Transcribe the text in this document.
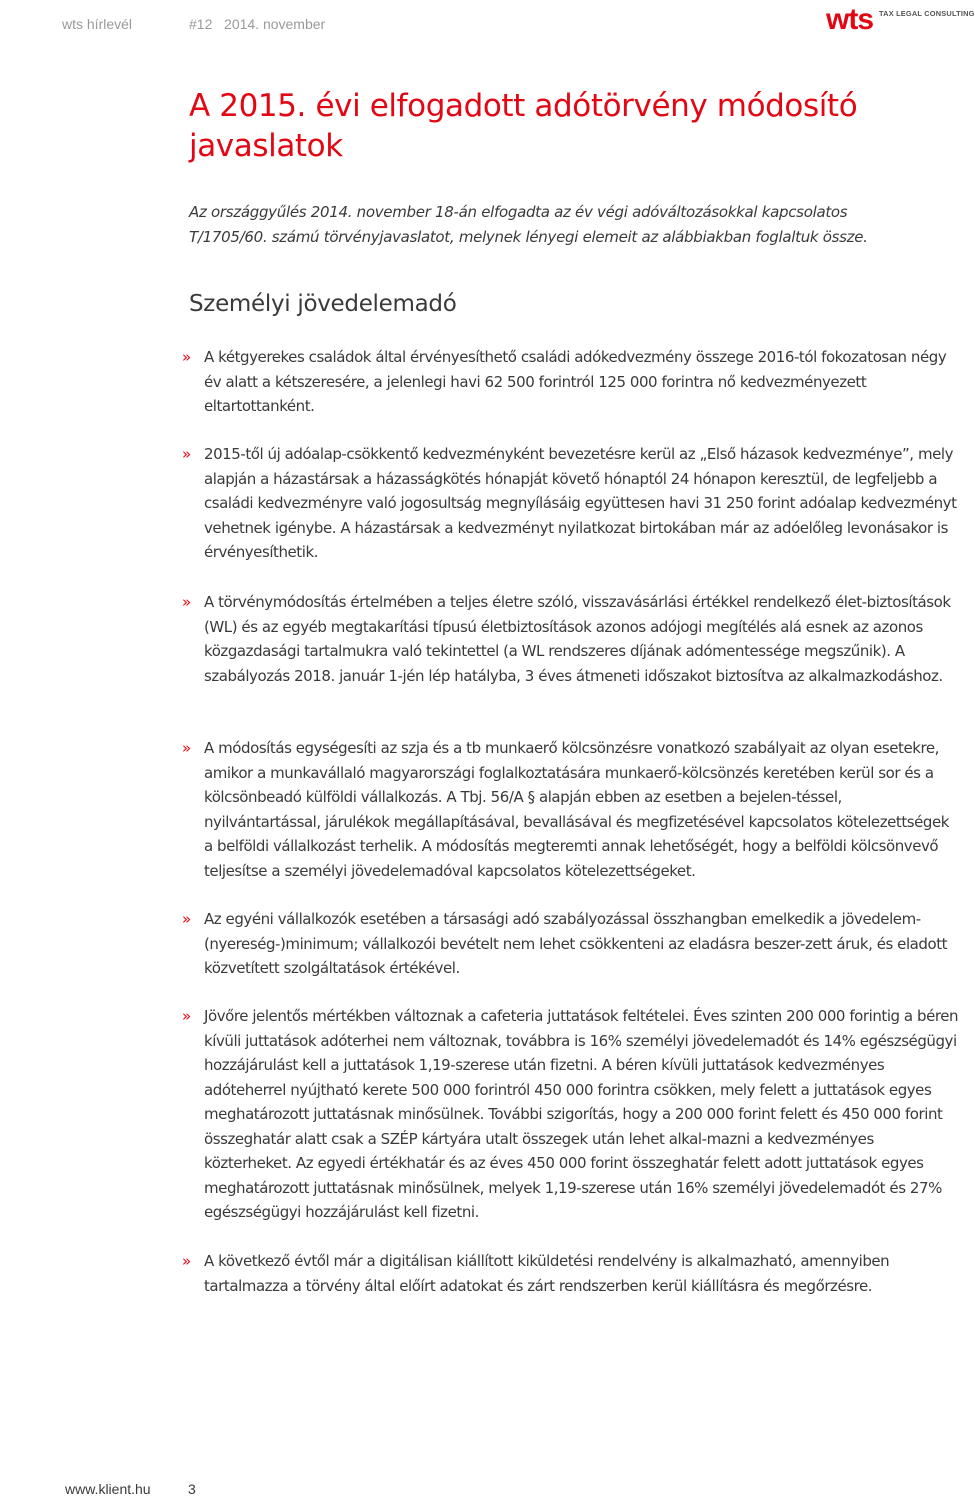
wts hírlevél	#12   2014. november	wts TAX LEGAL CONSULTING
A 2015. évi elfogadott adótörvény módosító javaslatok

Az országgyűlés 2014. november 18-án elfogadta az év végi adóváltozásokkal kapcsolatos T/1705/60. számú törvényjavaslatot, melynek lényegi elemeit az alábbiakban foglaltuk össze.

Személyi jövedelemadó

» A kétgyerekes családok által érvényesíthető családi adókedvezmény összege 2016-tól fokozatosan négy év alatt a kétszeresére, a jelenlegi havi 62 500 forintról 125 000 forintra nő kedvezményezett eltartottanként.

» 2015-től új adóalap-csökkentő kedvezményként bevezetésre kerül az „Első házasok kedvezménye”, mely alapján a házastársak a házasságkötés hónapját követő hónaptól 24 hónapon keresztül, de legfeljebb a családi kedvezményre való jogosultság megnyílásáig együttesen havi 31 250 forint adóalap kedvezményt vehetnek igénybe. A házastársak a kedvezményt nyilatkozat birtokában már az adóelőleg levonásakor is érvényesíthetik.

» A törvénymódosítás értelmében a teljes életre szóló, visszavásárlási értékkel rendelkező élet-biztosítások (WL) és az egyéb megtakarítási típusú életbiztosítások azonos adójogi megítélés alá esnek az azonos közgazdasági tartalmukra való tekintettel (a WL rendszeres díjának adómentessége megszűnik). A szabályozás 2018. január 1-jén lép hatályba, 3 éves átmeneti időszakot biztosítva az alkalmazkodáshoz.

» A módosítás egységesíti az szja és a tb munkaerő kölcsönzésre vonatkozó szabályait az olyan esetekre, amikor a munkavállaló magyarországi foglalkoztatására munkaerő-kölcsönzés keretében kerül sor és a kölcsönbeadó külföldi vállalkozás. A Tbj. 56/A § alapján ebben az esetben a bejelen-téssel, nyilvántartással, járulékok megállapításával, bevallásával és megfizetésével kapcsolatos kötelezettségek a belföldi vállalkozást terhelik. A módosítás megteremti annak lehetőségét, hogy a belföldi kölcsönvevő teljesítse a személyi jövedelemadóval kapcsolatos kötelezettségeket.

» Az egyéni vállalkozók esetében a társasági adó szabályozással összhangban emelkedik a jövedelem-(nyereség-)minimum; vállalkozói bevételt nem lehet csökkenteni az eladásra beszer-zett áruk, és eladott közvetített szolgáltatások értékével.

» Jövőre jelentős mértékben változnak a cafeteria juttatások feltételei. Éves szinten 200 000 forintig a béren kívüli juttatások adóterhei nem változnak, továbbra is 16% személyi jövedelemadót és 14% egészségügyi hozzájárulást kell a juttatások 1,19-szerese után fizetni. A béren kívüli juttatások kedvezményes adóteherrel nyújtható kerete 500 000 forintról 450 000 forintra csökken, mely felett a juttatások egyes meghatározott juttatásnak minősülnek. További szigorítás, hogy a 200 000 forint felett és 450 000 forint összeghatár alatt csak a SZÉP kártyára utalt összegek után lehet alkal-mazni a kedvezményes közterheket. Az egyedi értékhatár és az éves 450 000 forint összeghatár felett adott juttatások egyes meghatározott juttatásnak minősülnek, melyek 1,19-szerese után 16% személyi jövedelemadót és 27% egészségügyi hozzájárulást kell fizetni.

» A következő évtől már a digitálisan kiállított kiküldetési rendelvény is alkalmazható, amennyiben tartalmazza a törvény által előírt adatokat és zárt rendszerben kerül kiállításra és megőrzésre.

www.klient.hu	3
